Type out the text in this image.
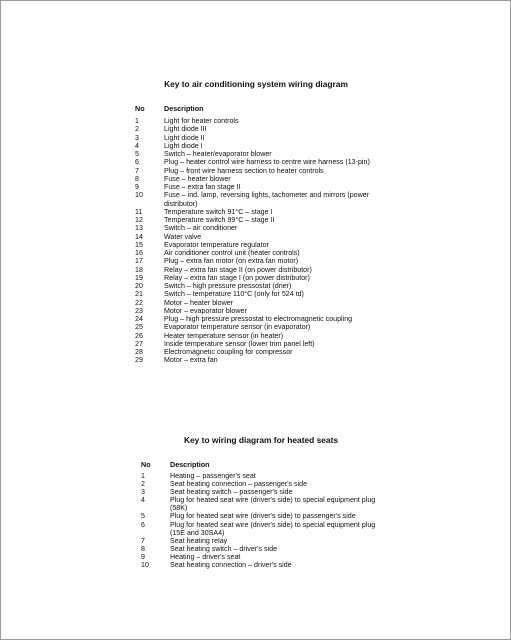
Key to air conditioning system wiring diagram
No	Description
1	Light for heater controls
2	Light diode III
3	Light diode II
4	Light diode I
5	Switch – heater/evaporator blower
6	Plug – heater control wire harness to centre wire harness (13-pin)
7	Plug – front wire harness section to heater controls
8	Fuse – heater blower
9	Fuse – extra fan stage II
10	Fuse – ind. lamp, reversing lights, tachometer and mirrors (power distributor)
11	Temperature switch 91°C – stage I
12	Temperature switch 99°C – stage II
13	Switch – air conditioner
14	Water valve
15	Evaporator temperature regulator
16	Air conditioner control unit (heater controls)
17	Plug – extra fan motor (on extra fan motor)
18	Relay – extra fan stage II (on power distributor)
19	Relay – extra fan stage I (on power distributor)
20	Switch – high pressure pressostat (drier)
21	Switch – temperature 110°C (only for 524 td)
22	Motor – heater blower
23	Motor – evaporator blower
24	Plug – high pressure pressostat to electromagnetic coupling
25	Evaporator temperature sensor (in evaporator)
26	Heater temperature sensor (in heater)
27	Inside temperature sensor (lower trim panel left)
28	Electromagnetic coupling for compressor
29	Motor – extra fan
Key to wiring diagram for heated seats
No	Description
1	Heating – passenger's seat
2	Seat heating connection – passenger's side
3	Seat heating switch – passenger's side
4	Plug for heated seat wire (driver's side) to special equipment plug (58K)
5	Plug for heated seat wire (driver's side) to passenger's side
6	Plug for heated seat wire (driver's side) to special equipment plug (15E and 30SA4)
7	Seat heating relay
8	Seat heating switch – driver's side
9	Heating – driver's seat
10	Seat heating connection – driver's side
